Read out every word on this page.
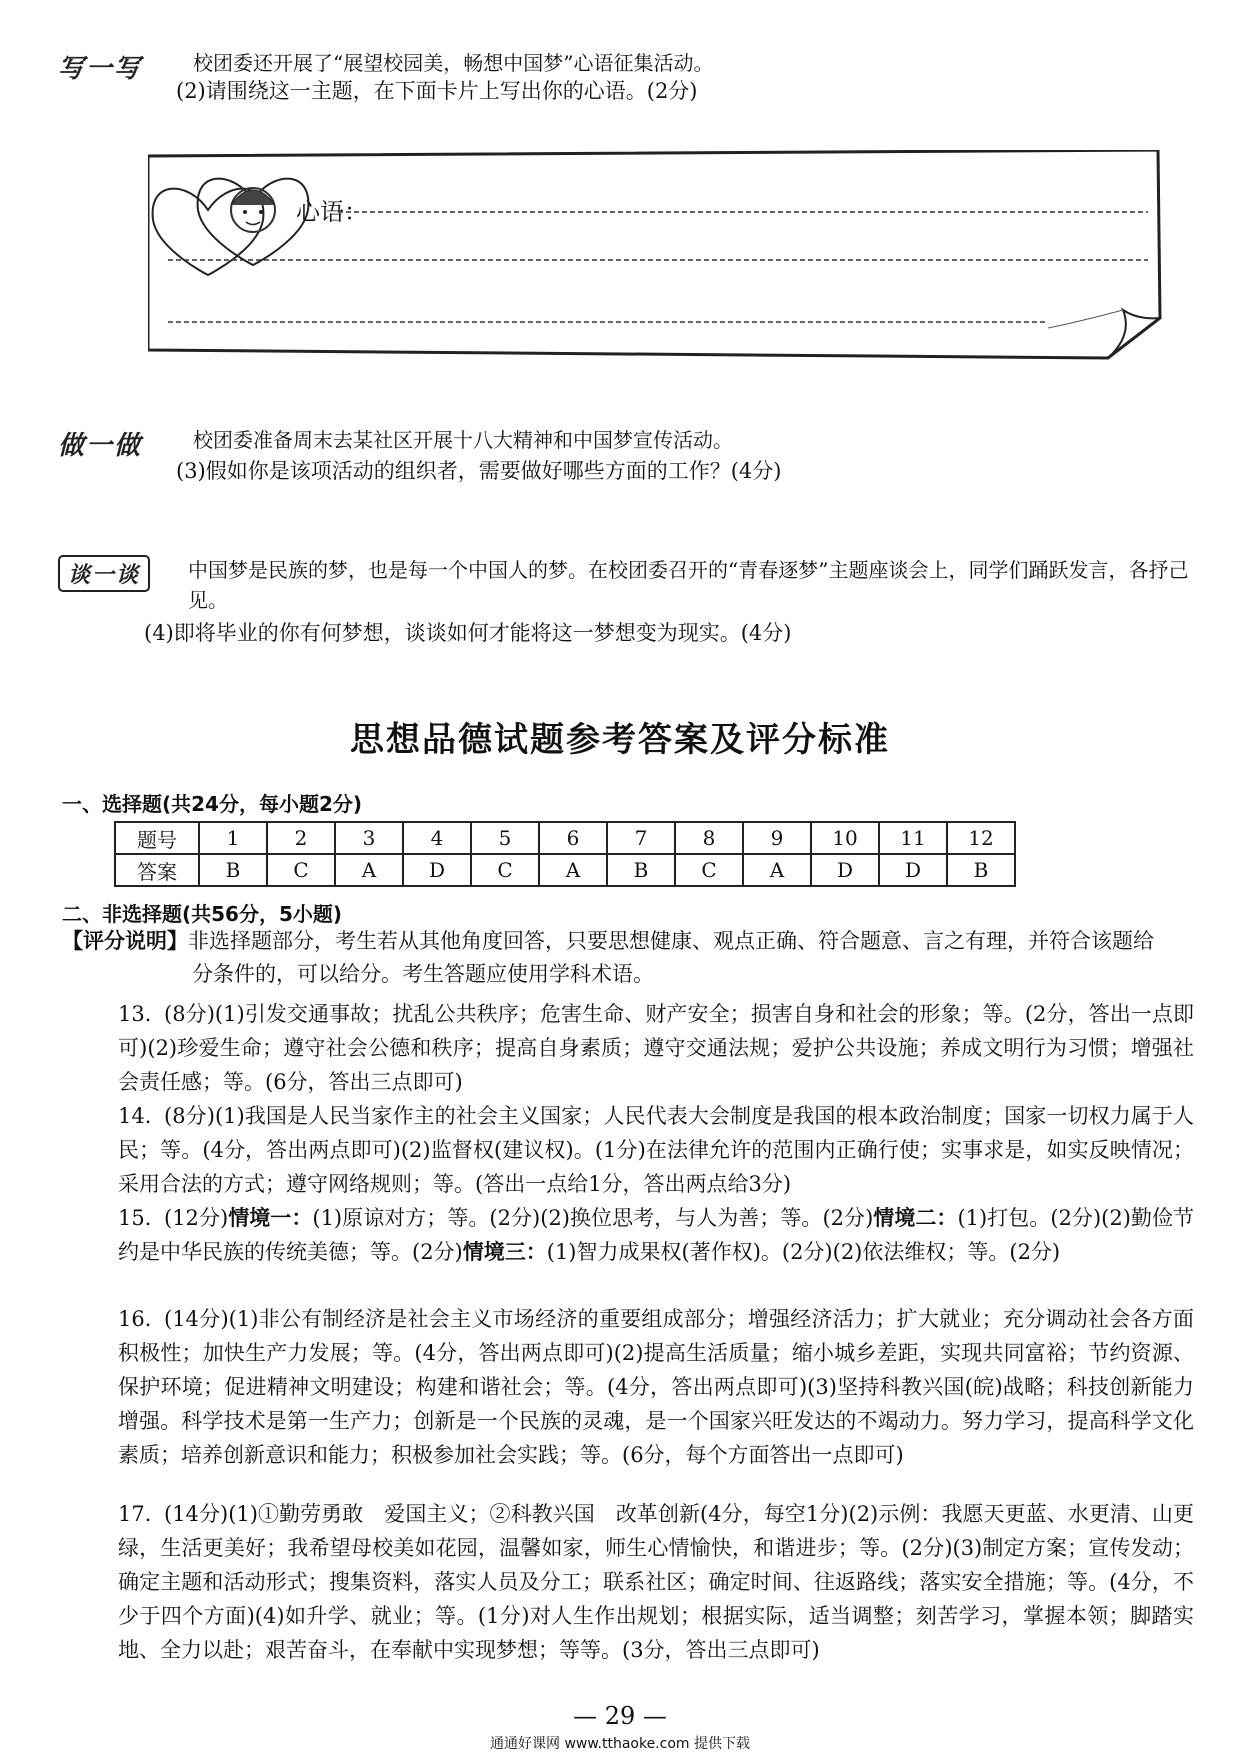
写一写	校团委还开展了“展望校园美，畅想中国梦”心语征集活动。
(2)请围绕这一主题，在下面卡片上写出你的心语。(2分)
心语：
做一做	校团委准备周末去某社区开展十八大精神和中国梦宣传活动。
(3)假如你是该项活动的组织者，需要做好哪些方面的工作？(4分)
谈一谈	中国梦是民族的梦，也是每一个中国人的梦。在校团委召开的“青春逐梦”主题座谈会上，同学们踊跃发言，各抒己见。
(4)即将毕业的你有何梦想，谈谈如何才能将这一梦想变为现实。(4分)
思想品德试题参考答案及评分标准
一、选择题(共24分，每小题2分)
题号	1	2	3	4	5	6	7	8	9	10	11	12
答案	B	C	A	D	C	A	B	C	A	D	D	B
二、非选择题(共56分，5小题)
【评分说明】非选择题部分，考生若从其他角度回答，只要思想健康、观点正确、符合题意、言之有理，并符合该题给
分条件的，可以给分。考生答题应使用学科术语。
13. (8分)(1)引发交通事故；扰乱公共秩序；危害生命、财产安全；损害自身和社会的形象；等。(2分，答出一点即可)(2)珍爱生命；遵守社会公德和秩序；提高自身素质；遵守交通法规；爱护公共设施；养成文明行为习惯；增强社会责任感；等。(6分，答出三点即可)
14. (8分)(1)我国是人民当家作主的社会主义国家；人民代表大会制度是我国的根本政治制度；国家一切权力属于人民；等。(4分，答出两点即可)(2)监督权(建议权)。(1分)在法律允许的范围内正确行使；实事求是，如实反映情况；采用合法的方式；遵守网络规则；等。(答出一点给1分，答出两点给3分)
15. (12分)情境一：(1)原谅对方；等。(2分)(2)换位思考，与人为善；等。(2分)情境二：(1)打包。(2分)(2)勤俭节约是中华民族的传统美德；等。(2分)情境三：(1)智力成果权(著作权)。(2分)(2)依法维权；等。(2分)
16. (14分)(1)非公有制经济是社会主义市场经济的重要组成部分；增强经济活力；扩大就业；充分调动社会各方面积极性；加快生产力发展；等。(4分，答出两点即可)(2)提高生活质量；缩小城乡差距，实现共同富裕；节约资源、保护环境；促进精神文明建设；构建和谐社会；等。(4分，答出两点即可)(3)坚持科教兴国(皖)战略；科技创新能力增强。科学技术是第一生产力；创新是一个民族的灵魂，是一个国家兴旺发达的不竭动力。努力学习，提高科学文化素质；培养创新意识和能力；积极参加社会实践；等。(6分，每个方面答出一点即可)
17. (14分)(1)①勤劳勇敢　爱国主义；②科教兴国　改革创新(4分，每空1分)(2)示例：我愿天更蓝、水更清、山更绿，生活更美好；我希望母校美如花园，温馨如家，师生心情愉快，和谐进步；等。(2分)(3)制定方案；宣传发动；确定主题和活动形式；搜集资料，落实人员及分工；联系社区；确定时间、往返路线；落实安全措施；等。(4分，不少于四个方面)(4)如升学、就业；等。(1分)对人生作出规划；根据实际，适当调整；刻苦学习，掌握本领；脚踏实地、全力以赴；艰苦奋斗，在奉献中实现梦想；等等。(3分，答出三点即可)
— 29 —
通通好课网 www.tthaoke.com 提供下载
